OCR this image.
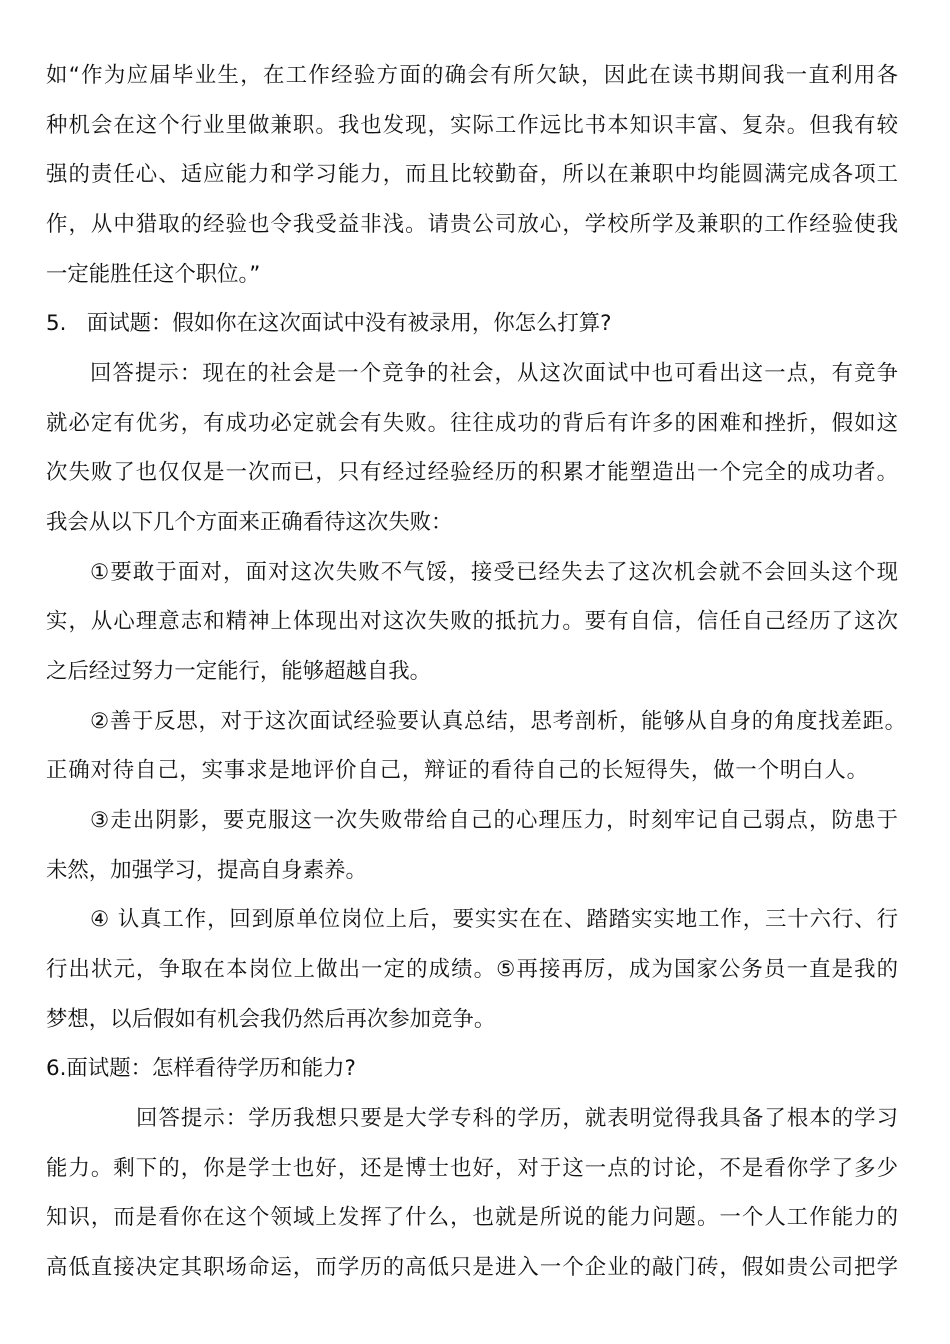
如“作为应届毕业生，在工作经验方面的确会有所欠缺，因此在读书期间我一直利用各
种机会在这个行业里做兼职。我也发现，实际工作远比书本知识丰富、复杂。但我有较
强的责任心、适应能力和学习能力，而且比较勤奋，所以在兼职中均能圆满完成各项工
作，从中猎取的经验也令我受益非浅。请贵公司放心，学校所学及兼职的工作经验使我
一定能胜任这个职位。”
5.   面试题：假如你在这次面试中没有被录用，你怎么打算?
回答提示：现在的社会是一个竞争的社会，从这次面试中也可看出这一点，有竞争
就必定有优劣，有成功必定就会有失败。往往成功的背后有许多的困难和挫折，假如这
次失败了也仅仅是一次而已，只有经过经验经历的积累才能塑造出一个完全的成功者。
我会从以下几个方面来正确看待这次失败：
①要敢于面对，面对这次失败不气馁，接受已经失去了这次机会就不会回头这个现
实，从心理意志和精神上体现出对这次失败的抵抗力。要有自信，信任自己经历了这次
之后经过努力一定能行，能够超越自我。
②善于反思，对于这次面试经验要认真总结，思考剖析，能够从自身的角度找差距。
正确对待自己，实事求是地评价自己，辩证的看待自己的长短得失，做一个明白人。
③走出阴影，要克服这一次失败带给自己的心理压力，时刻牢记自己弱点，防患于
未然，加强学习，提高自身素养。
④ 认真工作，回到原单位岗位上后，要实实在在、踏踏实实地工作，三十六行、行
行出状元，争取在本岗位上做出一定的成绩。⑤再接再厉，成为国家公务员一直是我的
梦想，以后假如有机会我仍然后再次参加竞争。
6.面试题：怎样看待学历和能力?
回答提示：学历我想只要是大学专科的学历，就表明觉得我具备了根本的学习
能力。剩下的，你是学士也好，还是博士也好，对于这一点的讨论，不是看你学了多少
知识，而是看你在这个领域上发挥了什么，也就是所说的能力问题。一个人工作能力的
高低直接决定其职场命运，而学历的高低只是进入一个企业的敲门砖，假如贵公司把学
